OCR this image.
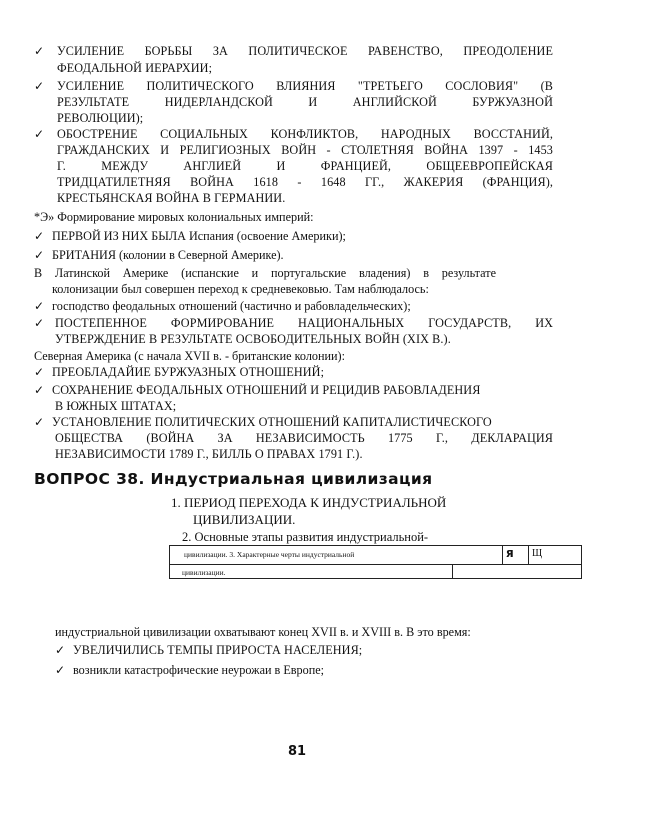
✓ УСИЛЕНИЕ БОРЬБЫ ЗА ПОЛИТИЧЕСКОЕ РАВЕНСТВО, ПРЕОДОЛЕНИЕ
ФЕОДАЛЬНОЙ ИЕРАРХИИ;
✓ УСИЛЕНИЕ ПОЛИТИЧЕСКОГО ВЛИЯНИЯ "ТРЕТЬЕГО СОСЛОВИЯ" (В
РЕЗУЛЬТАТЕ НИДЕРЛАНДСКОЙ И АНГЛИЙСКОЙ БУРЖУАЗНОЙ
РЕВОЛЮЦИИ);
✓ ОБОСТРЕНИЕ СОЦИАЛЬНЫХ КОНФЛИКТОВ, НАРОДНЫХ ВОССТАНИЙ,
ГРАЖДАНСКИХ И РЕЛИГИОЗНЫХ ВОЙН - СТОЛЕТНЯЯ ВОЙНА 1397 - 1453
Г. МЕЖДУ АНГЛИЕЙ И ФРАНЦИЕЙ, ОБЩЕЕВРОПЕЙСКАЯ
ТРИДЦАТИЛЕТНЯЯ ВОЙНА 1618 - 1648 ГГ., ЖАКЕРИЯ (ФРАНЦИЯ),
КРЕСТЬЯНСКАЯ ВОЙНА В ГЕРМАНИИ.
*Э» Формирование мировых колониальных империй:
✓ ПЕРВОЙ ИЗ НИХ БЫЛА Испания (освоение Америки);
✓ БРИТАНИЯ (колонии в Северной Америке).
В Латинской Америке (испанские и португальские владения) в результате
колонизации был совершен переход к средневековью. Там наблюдалось:
✓ господство феодальных отношений (частично и рабовладельческих);
✓ ПОСТЕПЕННОЕ ФОРМИРОВАНИЕ НАЦИОНАЛЬНЫХ ГОСУДАРСТВ, ИХ
УТВЕРЖДЕНИЕ В РЕЗУЛЬТАТЕ ОСВОБОДИТЕЛЬНЫХ ВОЙН (XIX В.).
Северная Америка (с начала XVII в. - британские колонии):
✓ ПРЕОБЛАДАЙИЕ БУРЖУАЗНЫХ ОТНОШЕНИЙ;
✓ СОХРАНЕНИЕ ФЕОДАЛЬНЫХ ОТНОШЕНИЙ И РЕЦИДИВ РАБОВЛАДЕНИЯ
В ЮЖНЫХ ШТАТАХ;
✓ УСТАНОВЛЕНИЕ ПОЛИТИЧЕСКИХ ОТНОШЕНИЙ КАПИТАЛИСТИЧЕСКОГО
ОБЩЕСТВА (ВОЙНА ЗА НЕЗАВИСИМОСТЬ 1775 Г., ДЕКЛАРАЦИЯ
НЕЗАВИСИМОСТИ 1789 Г., БИЛЛЬ О ПРАВАХ 1791 Г.).
ВОПРОС 38. Индустриальная цивилизация
1. ПЕРИОД ПЕРЕХОДА К ИНДУСТРИАЛЬНОЙ
ЦИВИЛИЗАЦИИ.
2. Основные этапы развития индустриальной-
цивилизации. 3. Характерные черты индустриальной	я Щ
цивилизации.
индустриальной цивилизации охватывают конец XVII в. и XVIII в. В это время:
✓ УВЕЛИЧИЛИСЬ ТЕМПЫ ПРИРОСТА НАСЕЛЕНИЯ;
✓ возникли катастрофические неурожаи в Европе;
81
